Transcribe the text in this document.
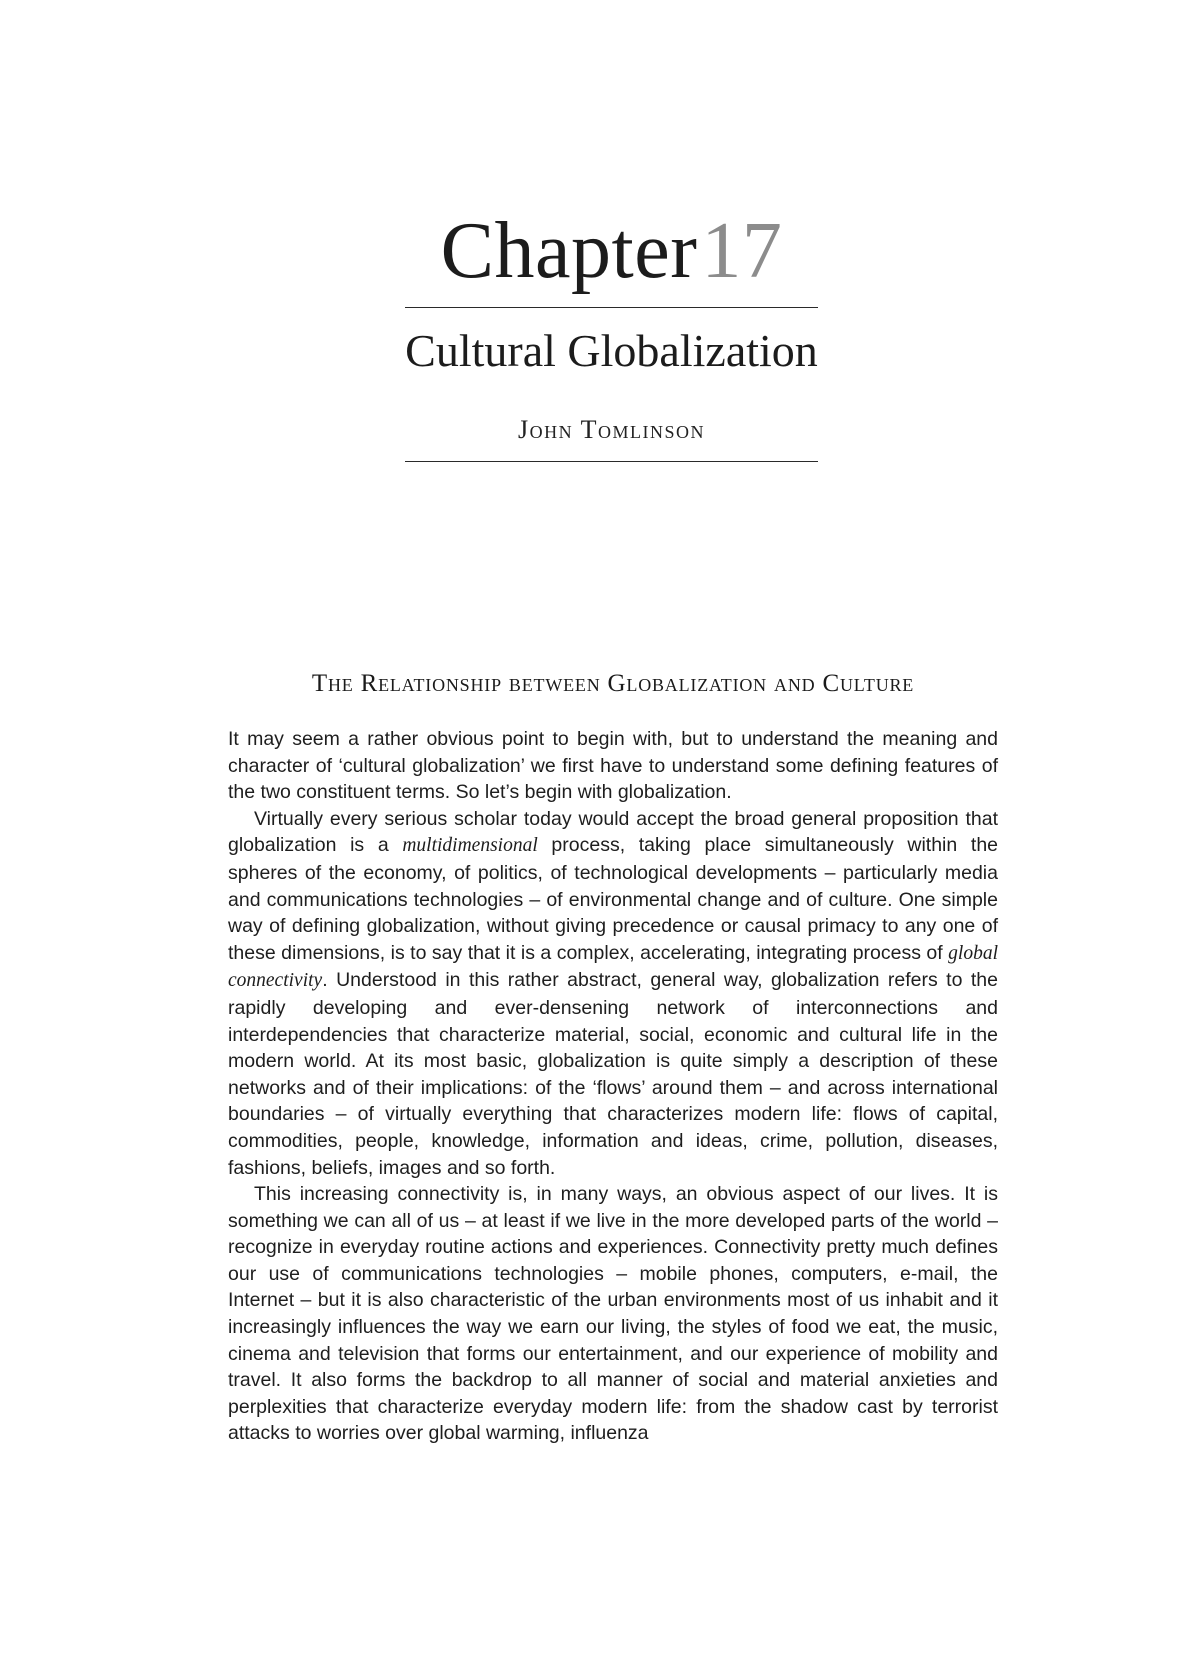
Chapter 17
Cultural Globalization
John Tomlinson
The Relationship between Globalization and Culture

It may seem a rather obvious point to begin with, but to understand the meaning and character of ‘cultural globalization’ we first have to understand some defining features of the two constituent terms. So let’s begin with globalization.

Virtually every serious scholar today would accept the broad general proposition that globalization is a multidimensional process, taking place simultaneously within the spheres of the economy, of politics, of technological developments – particularly media and communications technologies – of environmental change and of culture. One simple way of defining globalization, without giving precedence or causal primacy to any one of these dimensions, is to say that it is a complex, accelerating, integrating process of global connectivity. Understood in this rather abstract, general way, globalization refers to the rapidly developing and ever-densening network of interconnections and interdependencies that characterize material, social, economic and cultural life in the modern world. At its most basic, globalization is quite simply a description of these networks and of their implications: of the ‘flows’ around them – and across international boundaries – of virtually everything that characterizes modern life: flows of capital, commodities, people, knowledge, information and ideas, crime, pollution, diseases, fashions, beliefs, images and so forth.

This increasing connectivity is, in many ways, an obvious aspect of our lives. It is something we can all of us – at least if we live in the more developed parts of the world – recognize in everyday routine actions and experiences. Connectivity pretty much defines our use of communications technologies – mobile phones, computers, e-mail, the Internet – but it is also characteristic of the urban environments most of us inhabit and it increasingly influences the way we earn our living, the styles of food we eat, the music, cinema and television that forms our entertainment, and our experience of mobility and travel. It also forms the backdrop to all manner of social and material anxieties and perplexities that characterize everyday modern life: from the shadow cast by terrorist attacks to worries over global warming, influenza
